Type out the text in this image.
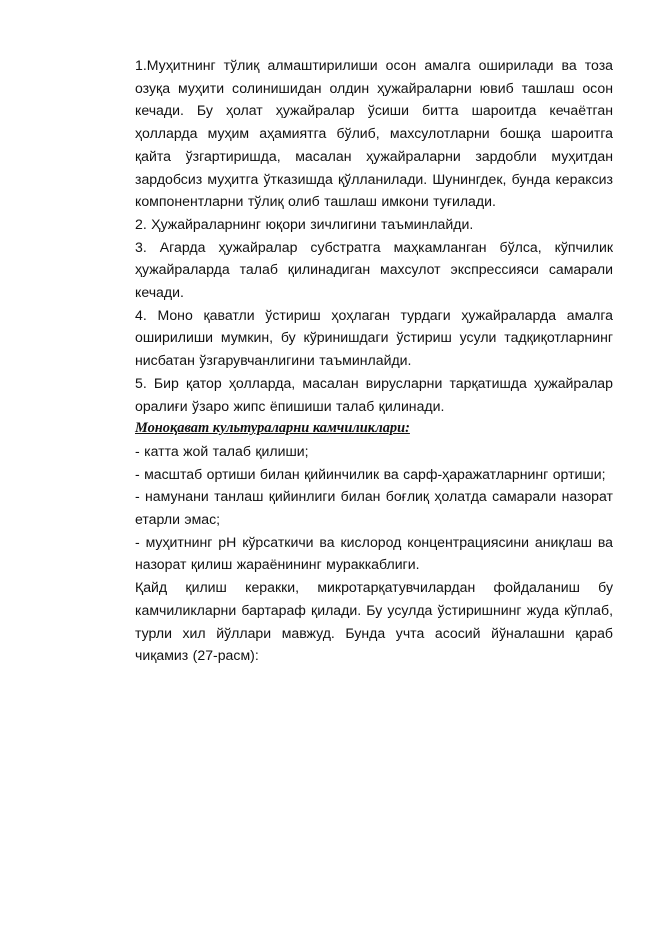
1.Муҳитнинг тўлиқ алмаштирилиши осон амалга оширилади ва тоза озуқа муҳити солинишидан олдин ҳужайраларни ювиб ташлаш осон кечади. Бу ҳолат ҳужайралар ўсиши битта шароитда кечаётган ҳолларда муҳим аҳамиятга бўлиб, махсулотларни бошқа шароитга қайта ўзгартиришда, масалан ҳужайраларни зардобли муҳитдан зардобсиз муҳитга ўтказишда қўлланилади. Шунингдек, бунда кераксиз компонентларни тўлиқ олиб ташлаш имкони туғилади.

2. Ҳужайраларнинг юқори зичлигини таъминлайди.

3. Агарда ҳужайралар субстратга маҳкамланган бўлса, кўпчилик ҳужайраларда талаб қилинадиган махсулот экспрессияси самарали кечади.

4. Моно қаватли ўстириш ҳоҳлаган турдаги ҳужайраларда амалга оширилиши мумкин, бу кўринишдаги ўстириш усули тадқиқотларнинг нисбатан ўзгарувчанлигини таъминлайди.

5. Бир қатор ҳолларда, масалан вирусларни тарқатишда ҳужайралар оралиғи ўзаро жипс ёпишиши талаб қилинади.

Моноқават культураларни камчиликлари:

- катта жой талаб қилиши;

- масштаб ортиши билан қийинчилик ва сарф-ҳаражатларнинг ортиши;

- намунани танлаш қийинлиги билан боғлиқ ҳолатда самарали назорат етарли эмас;

- муҳитнинг рН кўрсаткичи ва кислород концентрациясини аниқлаш ва назорат қилиш жараёнининг мураккаблиги.

Қайд қилиш керакки, микротарқатувчилардан фойдаланиш бу камчиликларни бартараф қилади. Бу усулда ўстиришнинг жуда кўплаб, турли хил йўллари мавжуд. Бунда учта асосий йўналашни қараб чиқамиз (27-расм):
